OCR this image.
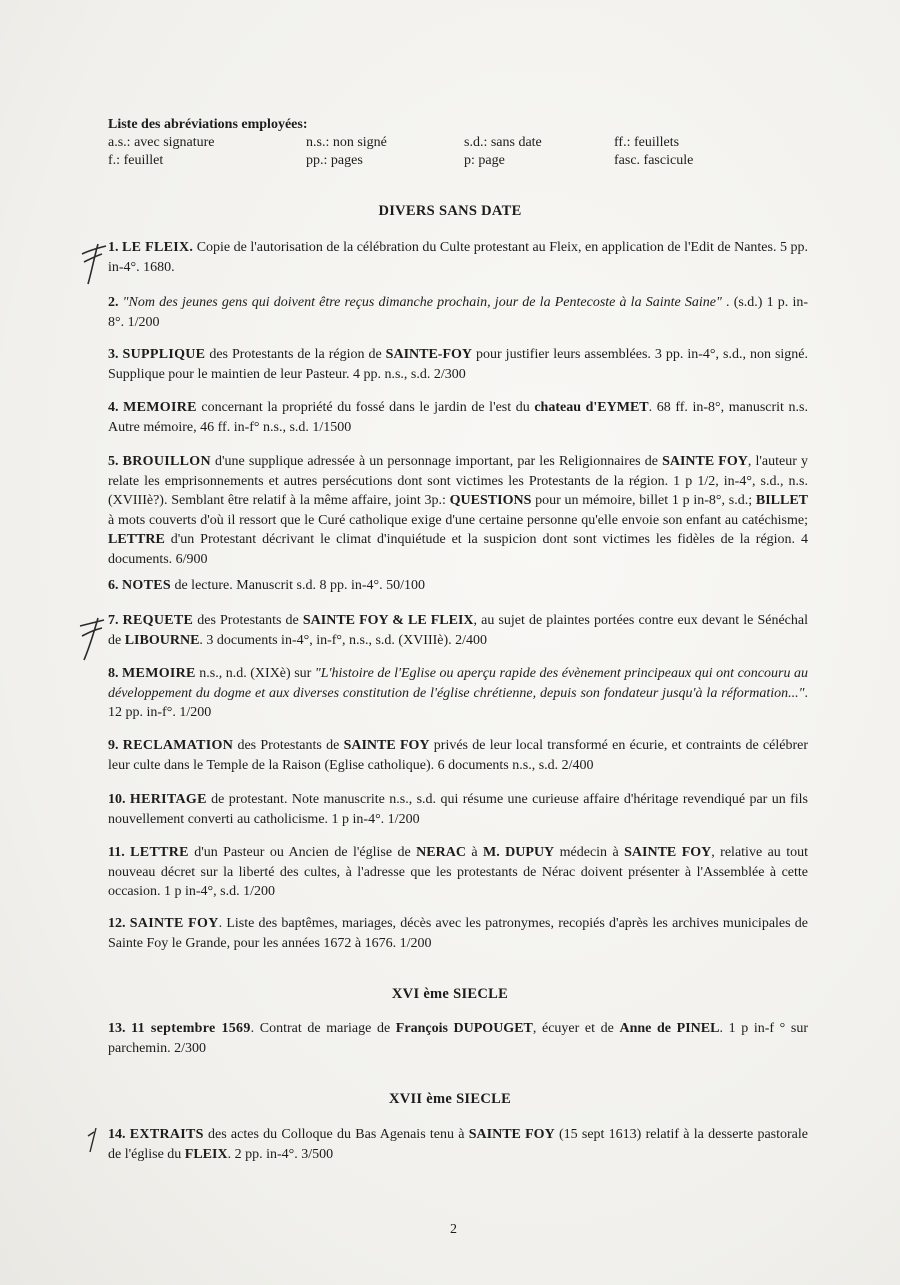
Liste des abréviations employées:
a.s.: avec signature	n.s.: non signé	s.d.: sans date	ff.: feuillets
f.: feuillet	pp.: pages	p: page	fasc. fascicule
DIVERS SANS DATE
1. LE FLEIX. Copie de l'autorisation de la célébration du Culte protestant au Fleix, en application de l'Edit de Nantes. 5 pp. in-4°. 1680.
2. "Nom des jeunes gens qui doivent être reçus dimanche prochain, jour de la Pentecoste à la Sainte Saine" . (s.d.) 1 p. in-8°. 1/200
3. SUPPLIQUE des Protestants de la région de SAINTE-FOY pour justifier leurs assemblées. 3 pp. in-4°, s.d., non signé. Supplique pour le maintien de leur Pasteur. 4 pp. n.s., s.d. 2/300
4. MEMOIRE concernant la propriété du fossé dans le jardin de l'est du chateau d'EYMET. 68 ff. in-8°, manuscrit n.s. Autre mémoire, 46 ff. in-f° n.s., s.d. 1/1500
5. BROUILLON d'une supplique adressée à un personnage important, par les Religionnaires de SAINTE FOY, l'auteur y relate les emprisonnements et autres persécutions dont sont victimes les Protestants de la région. 1 p 1/2, in-4°, s.d., n.s. (XVIIIè?). Semblant être relatif à la même affaire, joint 3p.: QUESTIONS pour un mémoire, billet 1 p in-8°, s.d.; BILLET à mots couverts d'où il ressort que le Curé catholique exige d'une certaine personne qu'elle envoie son enfant au catéchisme; LETTRE d'un Protestant décrivant le climat d'inquiétude et la suspicion dont sont victimes les fidèles de la région. 4 documents. 6/900
6. NOTES de lecture. Manuscrit s.d. 8 pp. in-4°. 50/100
7. REQUETE des Protestants de SAINTE FOY & LE FLEIX, au sujet de plaintes portées contre eux devant le Sénéchal de LIBOURNE. 3 documents in-4°, in-f°, n.s., s.d. (XVIIIè). 2/400
8. MEMOIRE n.s., n.d. (XIXè) sur "L'histoire de l'Eglise ou aperçu rapide des évènement principeaux qui ont concouru au développement du dogme et aux diverses constitution de l'église chrétienne, depuis son fondateur jusqu'à la réformation...". 12 pp. in-f°. 1/200
9. RECLAMATION des Protestants de SAINTE FOY privés de leur local transformé en écurie, et contraints de célébrer leur culte dans le Temple de la Raison (Eglise catholique). 6 documents n.s., s.d. 2/400
10. HERITAGE de protestant. Note manuscrite n.s., s.d. qui résume une curieuse affaire d'héritage revendiqué par un fils nouvellement converti au catholicisme. 1 p in-4°. 1/200
11. LETTRE d'un Pasteur ou Ancien de l'église de NERAC à M. DUPUY médecin à SAINTE FOY, relative au tout nouveau décret sur la liberté des cultes, à l'adresse que les protestants de Nérac doivent présenter à l'Assemblée à cette occasion. 1 p in-4°, s.d. 1/200
12. SAINTE FOY. Liste des baptêmes, mariages, décès avec les patronymes, recopiés d'après les archives municipales de Sainte Foy le Grande, pour les années 1672 à 1676. 1/200
XVI ème SIECLE
13. 11 septembre 1569. Contrat de mariage de François DUPOUGET, écuyer et de Anne de PINEL. 1 p in-f ° sur parchemin. 2/300
XVII ème SIECLE
14. EXTRAITS des actes du Colloque du Bas Agenais tenu à SAINTE FOY (15 sept 1613) relatif à la desserte pastorale de l'église du FLEIX. 2 pp. in-4°. 3/500
2
